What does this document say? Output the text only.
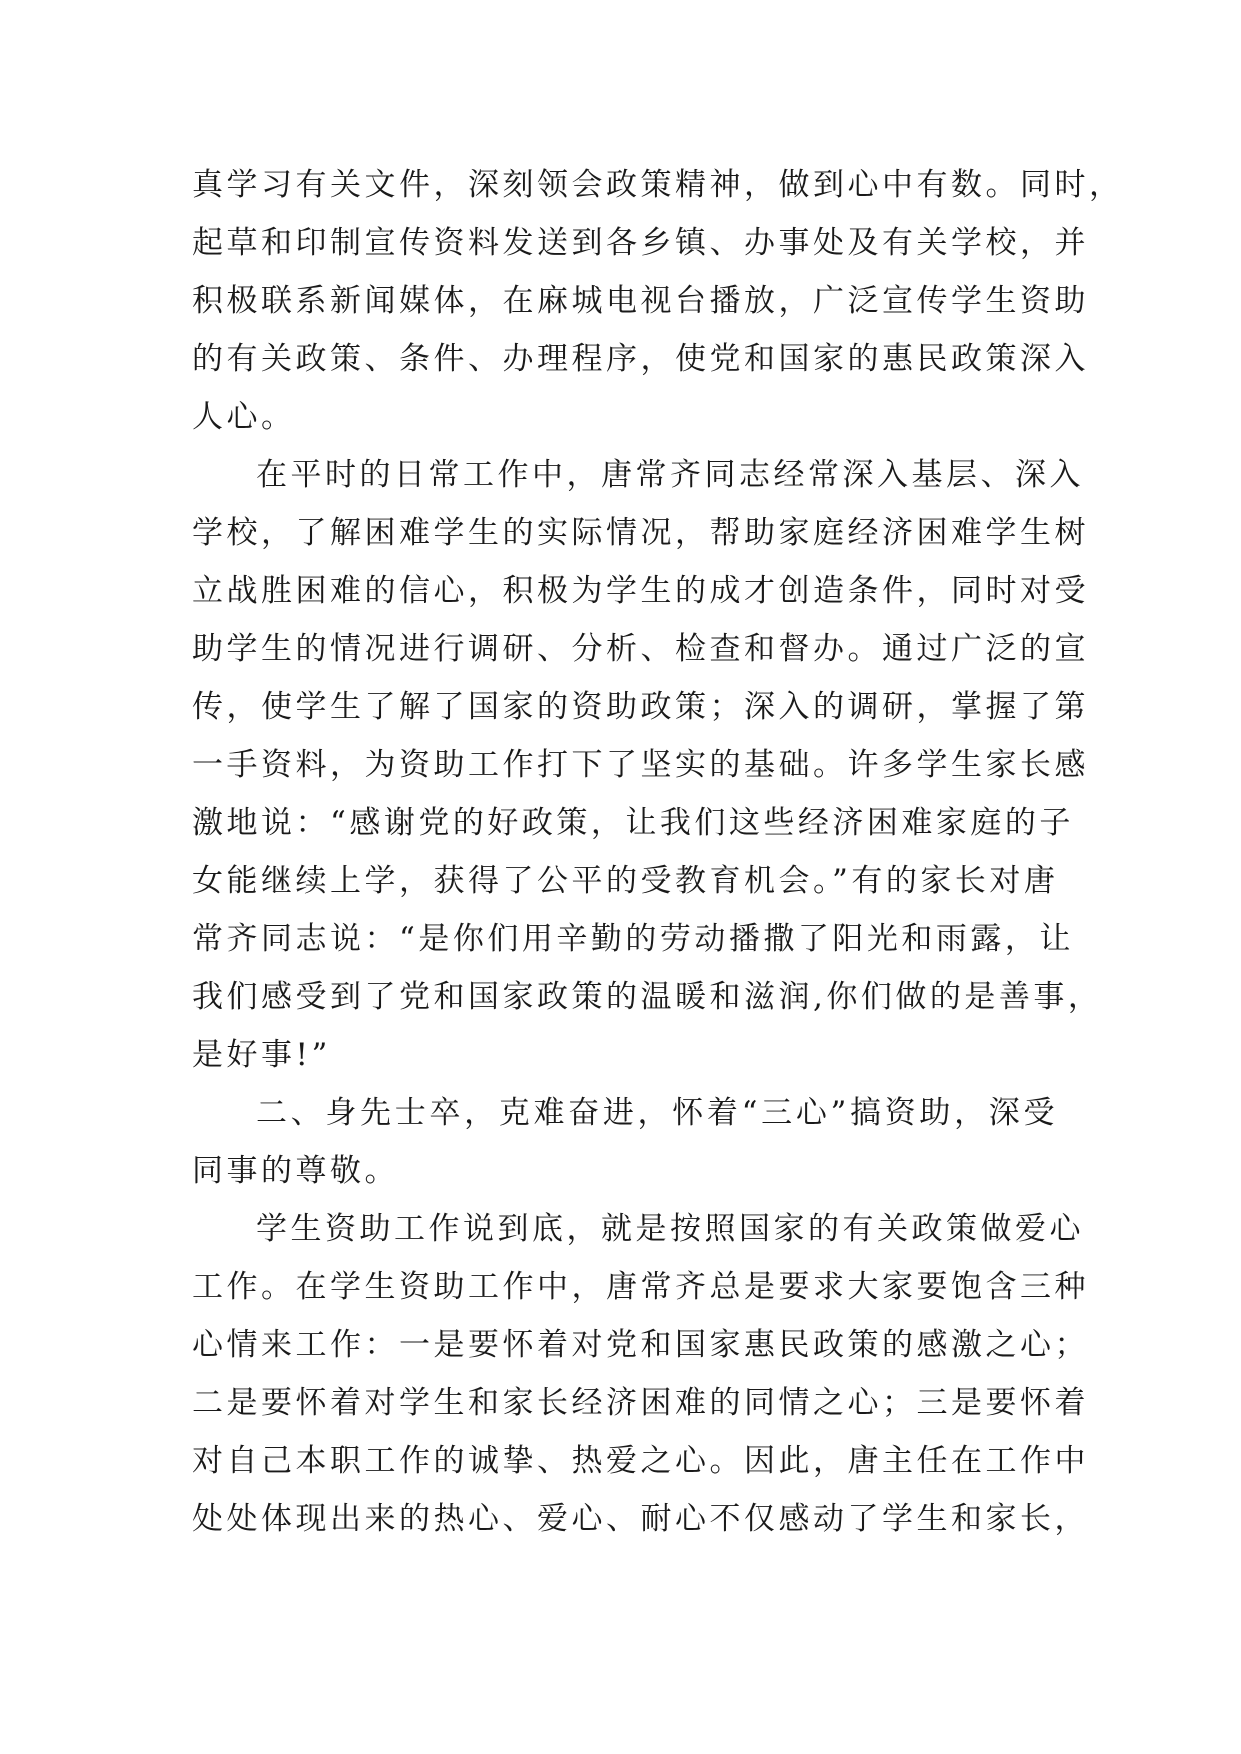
真学习有关文件，深刻领会政策精神，做到心中有数。同时，
起草和印制宣传资料发送到各乡镇、办事处及有关学校，并
积极联系新闻媒体，在麻城电视台播放，广泛宣传学生资助
的有关政策、条件、办理程序，使党和国家的惠民政策深入
人心。
在平时的日常工作中，唐常齐同志经常深入基层、深入
学校，了解困难学生的实际情况，帮助家庭经济困难学生树
立战胜困难的信心，积极为学生的成才创造条件，同时对受
助学生的情况进行调研、分析、检查和督办。通过广泛的宣
传，使学生了解了国家的资助政策；深入的调研，掌握了第
一手资料，为资助工作打下了坚实的基础。许多学生家长感
激地说：“感谢党的好政策，让我们这些经济困难家庭的子
女能继续上学，获得了公平的受教育机会。”有的家长对唐
常齐同志说：“是你们用辛勤的劳动播撒了阳光和雨露，让
我们感受到了党和国家政策的温暖和滋润,你们做的是善事，
是好事!”
二、身先士卒，克难奋进，怀着“三心”搞资助，深受
同事的尊敬。
学生资助工作说到底，就是按照国家的有关政策做爱心
工作。在学生资助工作中，唐常齐总是要求大家要饱含三种
心情来工作：一是要怀着对党和国家惠民政策的感激之心；
二是要怀着对学生和家长经济困难的同情之心；三是要怀着
对自己本职工作的诚挚、热爱之心。因此，唐主任在工作中
处处体现出来的热心、爱心、耐心不仅感动了学生和家长，
